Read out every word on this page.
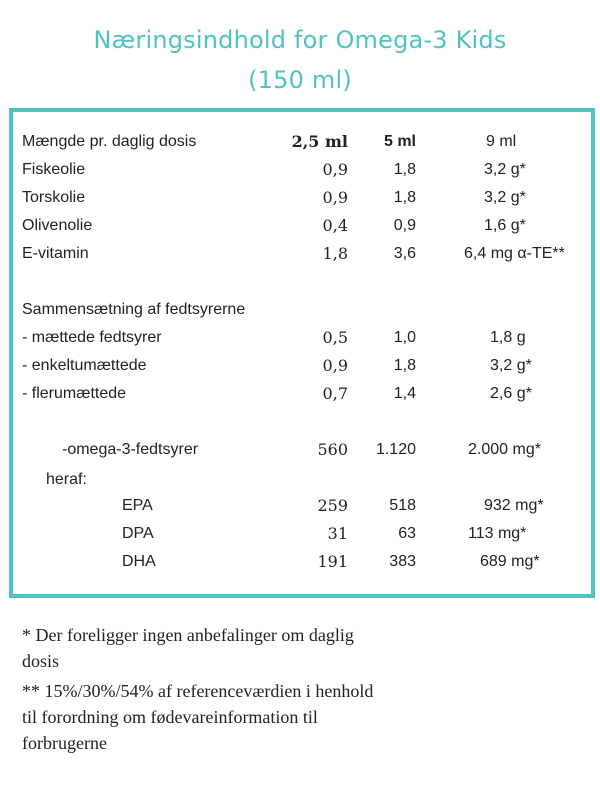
Næringsindhold for Omega-3 Kids
(150 ml)
Mængde pr. daglig dosis	2,5 ml	5 ml	9 ml
Fiskeolie	0,9	1,8	3,2 g*
Torskolie	0,9	1,8	3,2 g*
Olivenolie	0,4	0,9	1,6 g*
E-vitamin	1,8	3,6	6,4 mg α-TE**
Sammensætning af fedtsyrerne
- mættede fedtsyrer	0,5	1,0	1,8 g
- enkeltumættede	0,9	1,8	3,2 g*
- flerumættede	0,7	1,4	2,6 g*
-omega-3-fedtsyrer	560	1.120	2.000 mg*
heraf:
EPA	259	518	932 mg*
DPA	31	63	113 mg*
DHA	191	383	689 mg*
* Der foreligger ingen anbefalinger om daglig
dosis
** 15%/30%/54% af referenceværdien i henhold
til forordning om fødevareinformation til
forbrugerne
